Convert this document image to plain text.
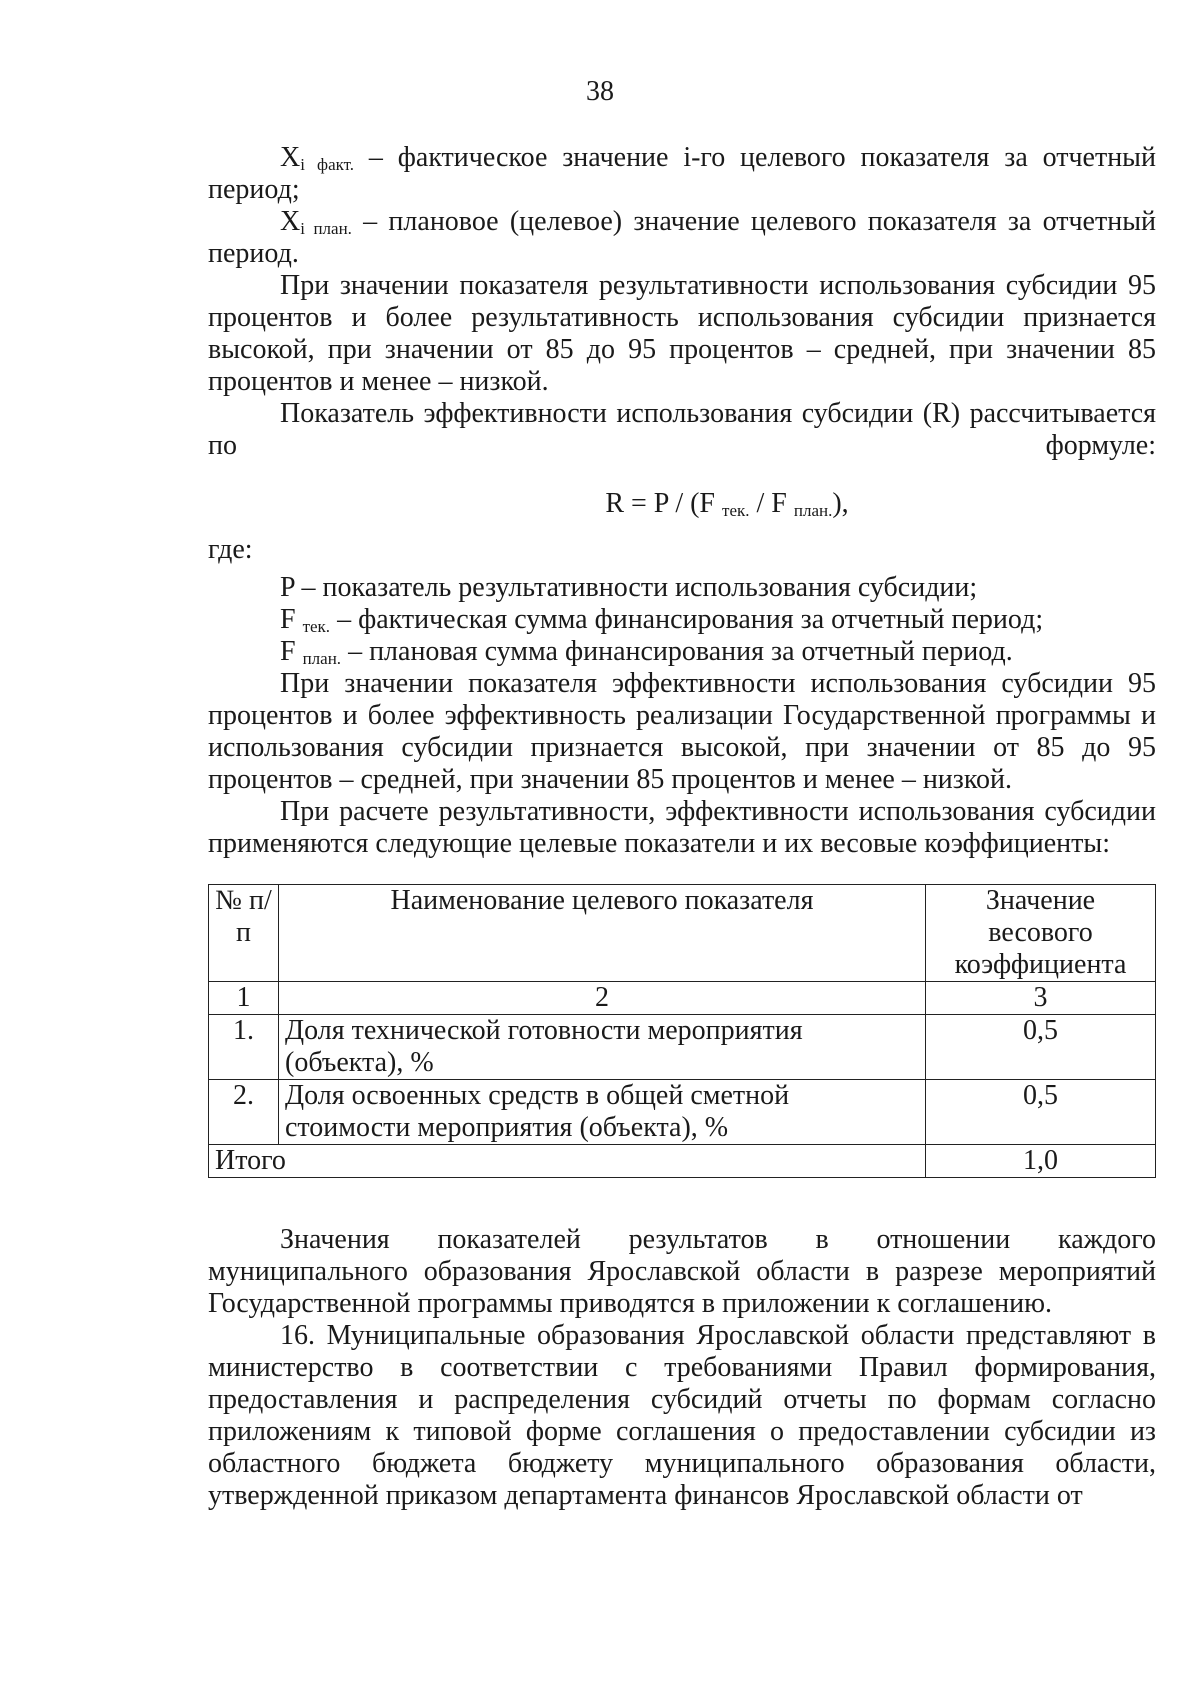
38

$X_{i факт.}$ – фактическое значение i-го целевого показателя за отчетный период;

$X_{i план.}$ – плановое (целевое) значение целевого показателя за отчетный период.

При значении показателя результативности использования субсидии 95 процентов и более результативность использования субсидии признается высокой, при значении от 85 до 95 процентов – средней, при значении 85 процентов и менее – низкой.

Показатель эффективности использования субсидии (R) рассчитывается по формуле:

R = P / (F $_{тек.}$ / F $_{план.}$),

где:

P – показатель результативности использования субсидии;

F $_{тек.}$ – фактическая сумма финансирования за отчетный период;

F $_{план.}$ – плановая сумма финансирования за отчетный период.

При значении показателя эффективности использования субсидии 95 процентов и более эффективность реализации Государственной программы и использования субсидии признается высокой, при значении от 85 до 95 процентов – средней, при значении 85 процентов и менее – низкой.

При расчете результативности, эффективности использования субсидии применяются следующие целевые показатели и их весовые коэффициенты:

№ п/п	Наименование целевого показателя	Значение весового коэффициента
1	2	3
1.	Доля технической готовности мероприятия (объекта), %	0,5
2.	Доля освоенных средств в общей сметной стоимости мероприятия (объекта), %	0,5
Итого		1,0

Значения показателей результатов в отношении каждого муниципального образования Ярославской области в разрезе мероприятий Государственной программы приводятся в приложении к соглашению.

16. Муниципальные образования Ярославской области представляют в министерство в соответствии с требованиями Правил формирования, предоставления и распределения субсидий отчеты по формам согласно приложениям к типовой форме соглашения о предоставлении субсидии из областного бюджета бюджету муниципального образования области, утвержденной приказом департамента финансов Ярославской области от
